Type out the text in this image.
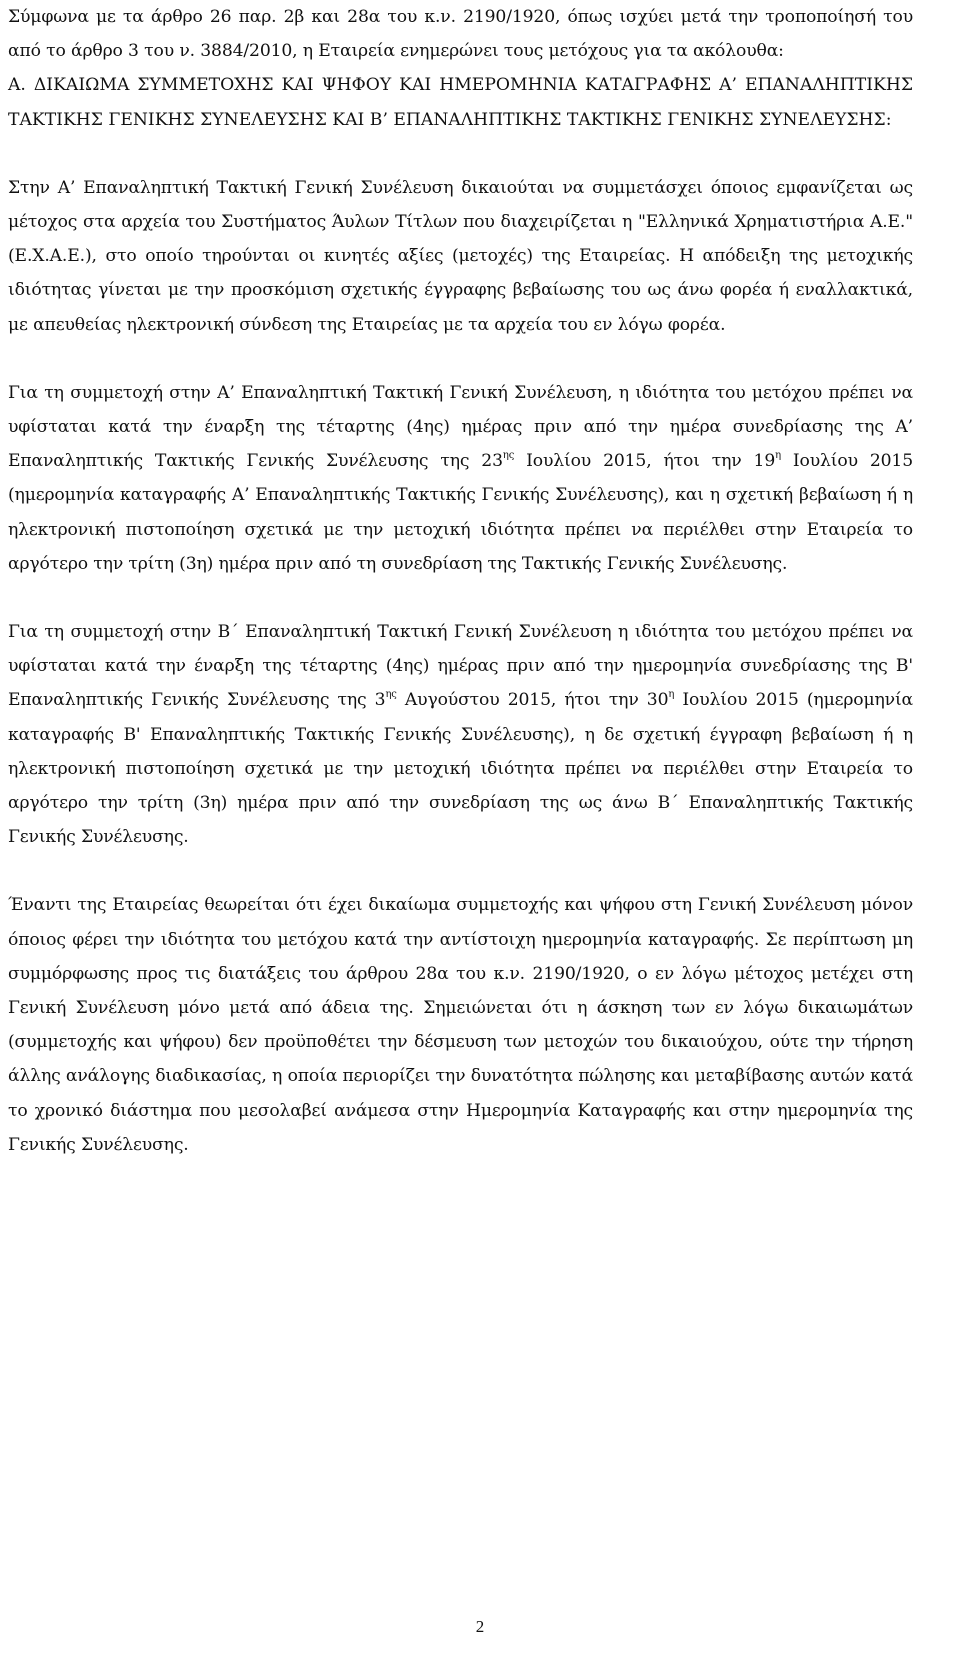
Σύμφωνα με τα άρθρο 26 παρ. 2β και 28α του κ.ν. 2190/1920, όπως ισχύει μετά την τροποποίησή του από το άρθρο 3 του ν. 3884/2010, η Εταιρεία ενημερώνει τους μετόχους για τα ακόλουθα:

Α. ΔΙΚΑΙΩΜΑ ΣΥΜΜΕΤΟΧΗΣ ΚΑΙ ΨΗΦΟΥ ΚΑΙ ΗΜΕΡΟΜΗΝΙΑ ΚΑΤΑΓΡΑΦΗΣ Α’ ΕΠΑΝΑΛΗΠΤΙΚΗΣ ΤΑΚΤΙΚΗΣ ΓΕΝΙΚΗΣ ΣΥΝΕΛΕΥΣΗΣ ΚΑΙ Β’ ΕΠΑΝΑΛΗΠΤΙΚΗΣ ΤΑΚΤΙΚΗΣ ΓΕΝΙΚΗΣ ΣΥΝΕΛΕΥΣΗΣ:

Στην Α’ Επαναληπτική Τακτική Γενική Συνέλευση δικαιούται να συμμετάσχει όποιος εμφανίζεται ως μέτοχος στα αρχεία του Συστήματος Άυλων Τίτλων που διαχειρίζεται η "Ελληνικά Χρηματιστήρια Α.Ε." (Ε.Χ.Α.Ε.), στο οποίο τηρούνται οι κινητές αξίες (μετοχές) της Εταιρείας. Η απόδειξη της μετοχικής ιδιότητας γίνεται με την προσκόμιση σχετικής έγγραφης βεβαίωσης του ως άνω φορέα ή εναλλακτικά, με απευθείας ηλεκτρονική σύνδεση της Εταιρείας με τα αρχεία του εν λόγω φορέα.

Για τη συμμετοχή στην Α’ Επαναληπτική Τακτική Γενική Συνέλευση, η ιδιότητα του μετόχου πρέπει να υφίσταται κατά την έναρξη της τέταρτης (4ης) ημέρας πριν από την ημέρα συνεδρίασης της Α’ Επαναληπτικής Τακτικής Γενικής Συνέλευσης της $23^{\eta\varsigma}$ Ιουλίου 2015, ήτοι την $19^\eta$ Ιουλίου 2015 (ημερομηνία καταγραφής Α’ Επαναληπτικής Τακτικής Γενικής Συνέλευσης), και η σχετική βεβαίωση ή η ηλεκτρονική πιστοποίηση σχετικά με την μετοχική ιδιότητα πρέπει να περιέλθει στην Εταιρεία το αργότερο την τρίτη (3η) ημέρα πριν από τη συνεδρίαση της Τακτικής Γενικής Συνέλευσης.

Για τη συμμετοχή στην Β΄ Επαναληπτική Τακτική Γενική Συνέλευση η ιδιότητα του μετόχου πρέπει να υφίσταται κατά την έναρξη της τέταρτης (4ης) ημέρας πριν από την ημερομηνία συνεδρίασης της Β' Επαναληπτικής Γενικής Συνέλευσης της $3^{\eta\varsigma}$ Αυγούστου 2015, ήτοι την $30^\eta$ Ιουλίου 2015 (ημερομηνία καταγραφής Β' Επαναληπτικής Τακτικής Γενικής Συνέλευσης), η δε σχετική έγγραφη βεβαίωση ή η ηλεκτρονική πιστοποίηση σχετικά με την μετοχική ιδιότητα πρέπει να περιέλθει στην Εταιρεία το αργότερο την τρίτη (3η) ημέρα πριν από την συνεδρίαση της ως άνω Β΄ Επαναληπτικής Τακτικής Γενικής Συνέλευσης.

Έναντι της Εταιρείας θεωρείται ότι έχει δικαίωμα συμμετοχής και ψήφου στη Γενική Συνέλευση μόνον όποιος φέρει την ιδιότητα του μετόχου κατά την αντίστοιχη ημερομηνία καταγραφής. Σε περίπτωση μη συμμόρφωσης προς τις διατάξεις του άρθρου 28α του κ.ν. 2190/1920, ο εν λόγω μέτοχος μετέχει στη Γενική Συνέλευση μόνο μετά από άδεια της. Σημειώνεται ότι η άσκηση των εν λόγω δικαιωμάτων (συμμετοχής και ψήφου) δεν προϋποθέτει την δέσμευση των μετοχών του δικαιούχου, ούτε την τήρηση άλλης ανάλογης διαδικασίας, η οποία περιορίζει την δυνατότητα πώλησης και μεταβίβασης αυτών κατά το χρονικό διάστημα που μεσολαβεί ανάμεσα στην Ημερομηνία Καταγραφής και στην ημερομηνία της Γενικής Συνέλευσης.

2
